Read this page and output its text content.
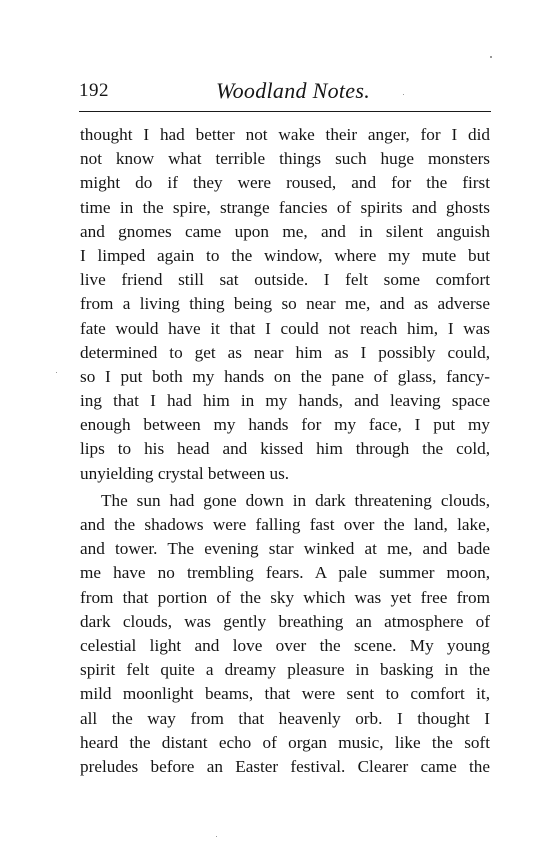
192	Woodland Notes.
thought I had better not wake their anger, for I did
not know what terrible things such huge monsters
might do if they were roused, and for the first
time in the spire, strange fancies of spirits and ghosts
and gnomes came upon me, and in silent anguish
I limped again to the window, where my mute but
live friend still sat outside. I felt some comfort
from a living thing being so near me, and as adverse
fate would have it that I could not reach him, I was
determined to get as near him as I possibly could,
so I put both my hands on the pane of glass, fancy-
ing that I had him in my hands, and leaving space
enough between my hands for my face, I put my
lips to his head and kissed him through the cold,
unyielding crystal between us.
The sun had gone down in dark threatening clouds,
and the shadows were falling fast over the land, lake,
and tower. The evening star winked at me, and bade
me have no trembling fears. A pale summer moon,
from that portion of the sky which was yet free from
dark clouds, was gently breathing an atmosphere of
celestial light and love over the scene. My young
spirit felt quite a dreamy pleasure in basking in the
mild moonlight beams, that were sent to comfort it,
all the way from that heavenly orb. I thought I
heard the distant echo of organ music, like the soft
preludes before an Easter festival. Clearer came the
